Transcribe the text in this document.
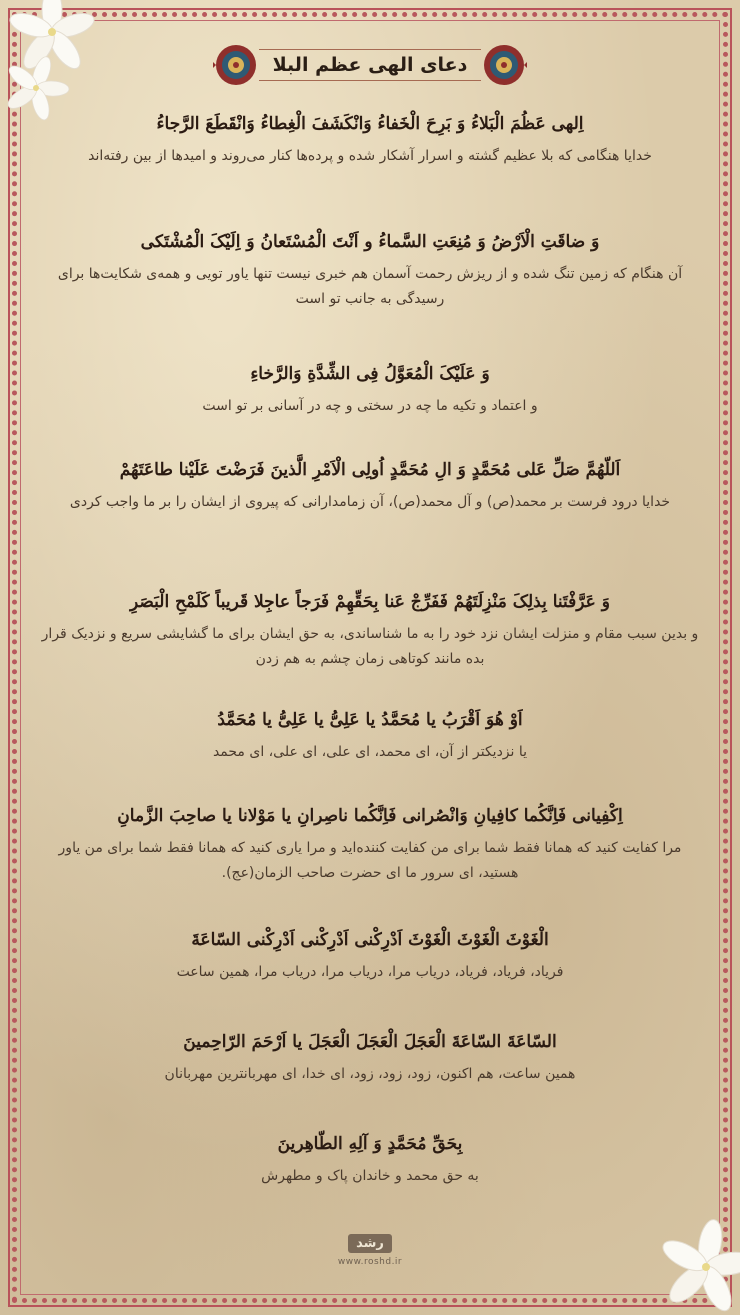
دعای الهی عظم البلا

اِلهی عَظُمَ الْبَلاءُ وَ بَرِحَ الْخَفاءُ وَانْکَشَفَ الْغِطاءُ وَانْقَطَعَ الرَّجاءُ

خدایا هنگامی که بلا عظیم گشته و اسرار آشکار شده و پرده‌ها کنار می‌روند و امیدها از بین رفته‌اند

وَ ضاقَتِ الْاَرْضُ وَ مُنِعَتِ السَّماءُ و اَنْتَ الْمُسْتَعانُ وَ اِلَیْکَ الْمُشْتَکی

آن هنگام که زمین تنگ شده و از ریزش رحمت آسمان هم خبری نیست تنها یاور تویی و همه‌ی شکایت‌ها برای رسیدگی به جانب تو است

وَ عَلَیْکَ الْمُعَوَّلُ فِی الشِّدَّةِ وَالرَّخاءِ

و اعتماد و تکیه ما چه در سختی و چه در آسانی بر تو است

اَللّهُمَّ صَلِّ عَلی مُحَمَّدٍ وَ الِ مُحَمَّدٍ اُولِی الْاَمْرِ الَّذینَ فَرَضْتَ عَلَیْنا طاعَتَهُمْ

خدایا درود فرست بر محمد(ص) و آل محمد(ص)، آن زمامدارانی که پیروی از ایشان را بر ما واجب کردی

وَ عَرَّفْتَنا بِذلِکَ مَنْزِلَتَهُمْ فَفَرِّجْ عَنا بِحَقِّهِمْ فَرَجاً عاجِلا قَریباً کَلَمْحِ الْبَصَرِ

و بدین سبب مقام و منزلت ایشان نزد خود را به ما شناساندی، به حق ایشان برای ما گشایشی سریع و نزدیک قرار بده مانند کوتاهی زمان چشم به هم زدن

اَوْ هُوَ اَقْرَبُ یا مُحَمَّدُ یا عَلِیُّ یا عَلِیُّ یا مُحَمَّدُ

یا نزدیکتر از آن، ای محمد، ای علی، ای علی، ای محمد

اِکْفِیانی فَاِنَّکُما کافِیانِ وَانْصُرانی فَاِنَّکُما ناصِرانِ یا مَوْلانا یا صاحِبَ الزَّمانِ

مرا کفایت کنید که همانا فقط شما برای من کفایت کننده‌اید و مرا یاری کنید که همانا فقط شما برای من یاور هستید، ای سرور ما ای حضرت صاحب الزمان(عج).

الْغَوْثَ الْغَوْثَ الْغَوْثَ اَدْرِکْنی اَدْرِکْنی اَدْرِکْنی السّاعَةَ

فریاد، فریاد، فریاد، دریاب مرا، دریاب مرا، دریاب مرا، همین ساعت

السّاعَةَ السّاعَةَ الْعَجَلَ الْعَجَلَ الْعَجَلَ یا اَرْحَمَ الرّاحِمینَ

همین ساعت، هم اکنون، زود، زود، زود، ای خدا، ای مهربانترین مهربانان

بِحَقِّ مُحَمَّدٍ وَ آلِهِ الطّاهِرینَ

به حق محمد و خاندان پاک و مطهرش

رشد
www.roshd.ir
